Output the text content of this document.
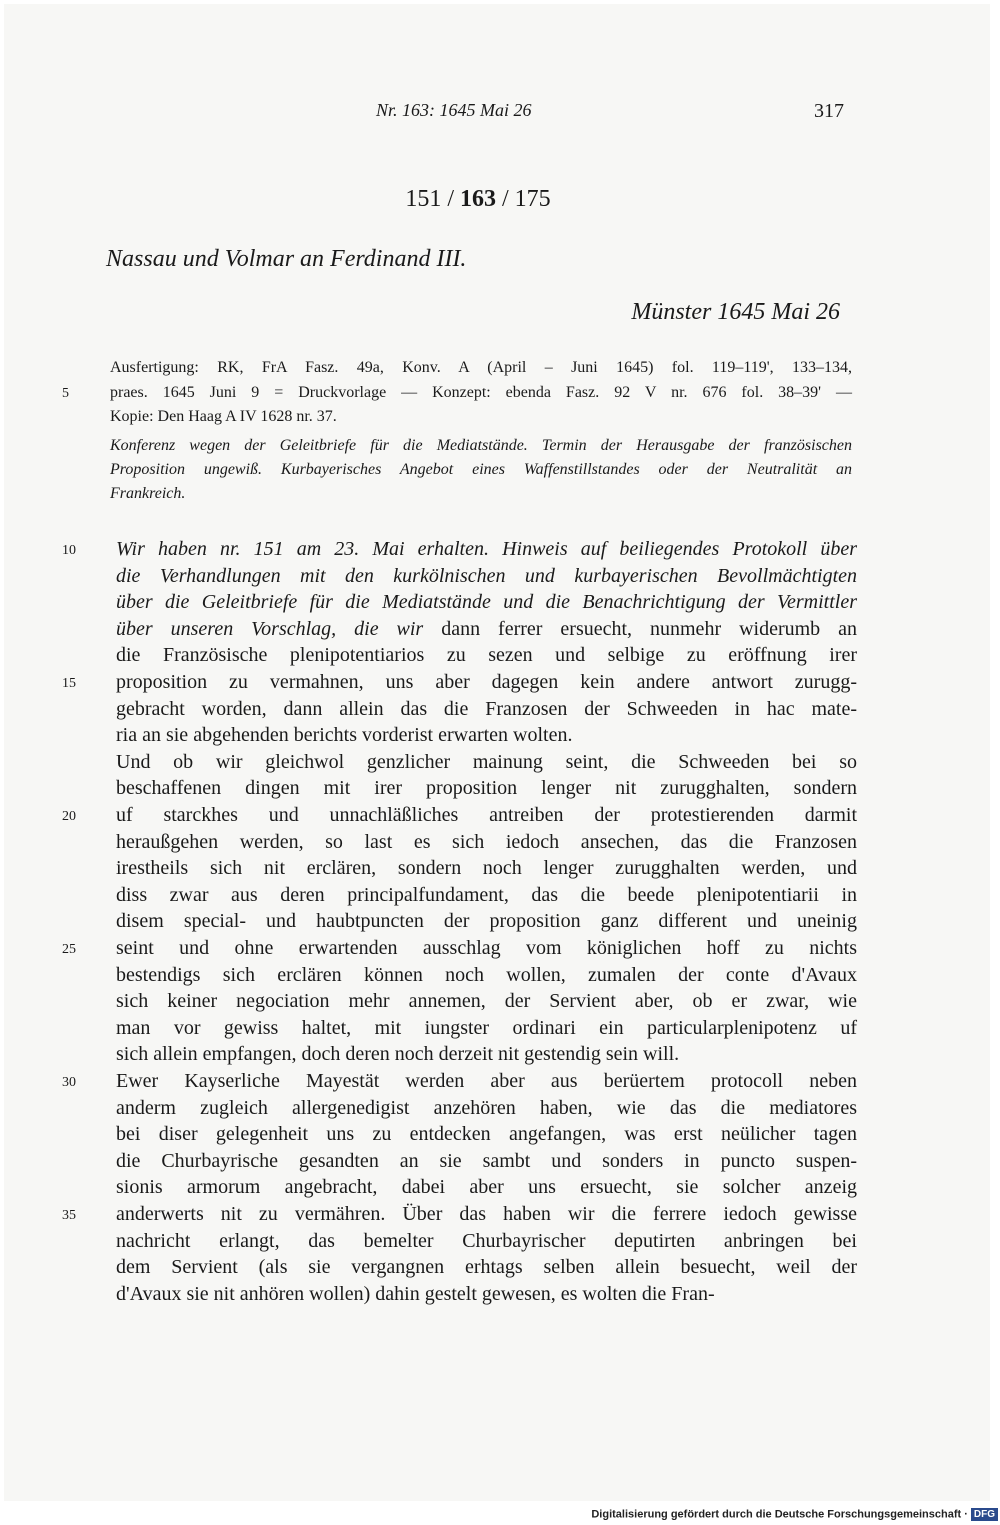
Nr. 163: 1645 Mai 26	317
151 / 163 / 175
Nassau und Volmar an Ferdinand III.
Münster 1645 Mai 26
Ausfertigung: RK, FrA Fasz. 49a, Konv. A (April – Juni 1645) fol. 119–119', 133–134,
praes. 1645 Juni 9 = Druckvorlage — Konzept: ebenda Fasz. 92 V nr. 676 fol. 38–39' —
5
Kopie: Den Haag A IV 1628 nr. 37.
Konferenz wegen der Geleitbriefe für die Mediatstände. Termin der Herausgabe der französischen
Proposition ungewiß. Kurbayerisches Angebot eines Waffenstillstandes oder der Neutralität an
Frankreich.
Wir haben nr. 151 am 23. Mai erhalten. Hinweis auf beiliegendes Protokoll über
10
die Verhandlungen mit den kurkölnischen und kurbayerischen Bevollmächtigten
über die Geleitbriefe für die Mediatstände und die Benachrichtigung der Vermittler
über unseren Vorschlag, die wir dann ferrer ersuecht, nunmehr widerumb an
die Französische plenipotentiarios zu sezen und selbige zu eröffnung irer
proposition zu vermahnen, uns aber dagegen kein andere antwort zurugg-
15
gebracht worden, dann allein das die Franzosen der Schweeden in hac mate-
ria an sie abgehenden berichts vorderist erwarten wolten.
Und ob wir gleichwol genzlicher mainung seint, die Schweeden bei so
beschaffenen dingen mit irer proposition lenger nit zurugghalten, sondern
uf starckhes und unnachläßliches antreiben der protestierenden darmit
20
heraußgehen werden, so last es sich iedoch ansechen, das die Franzosen
irestheils sich nit erclären, sondern noch lenger zurugghalten werden, und
diss zwar aus deren principalfundament, das die beede plenipotentiarii in
disem special- und haubtpuncten der proposition ganz different und uneinig
seint und ohne erwartenden ausschlag vom königlichen hoff zu nichts
25
bestendigs sich erclären können noch wollen, zumalen der conte d'Avaux
sich keiner negociation mehr annemen, der Servient aber, ob er zwar, wie
man vor gewiss haltet, mit iungster ordinari ein particularplenipotenz uf
sich allein empfangen, doch deren noch derzeit nit gestendig sein will.
Ewer Kayserliche Mayestät werden aber aus berüertem protocoll neben
30
anderm zugleich allergenedigist anzehören haben, wie das die mediatores
bei diser gelegenheit uns zu entdecken angefangen, was erst neülicher tagen
die Churbayrische gesandten an sie sambt und sonders in puncto suspen-
sionis armorum angebracht, dabei aber uns ersuecht, sie solcher anzeig
anderwerts nit zu vermähren. Über das haben wir die ferrere iedoch gewisse
35
nachricht erlangt, das bemelter Churbayrischer deputirten anbringen bei
dem Servient (als sie vergangnen erhtags selben allein besuecht, weil der
d'Avaux sie nit anhören wollen) dahin gestelt gewesen, es wolten die Fran-
Digitalisierung gefördert durch die Deutsche Forschungsgemeinschaft · DFG
